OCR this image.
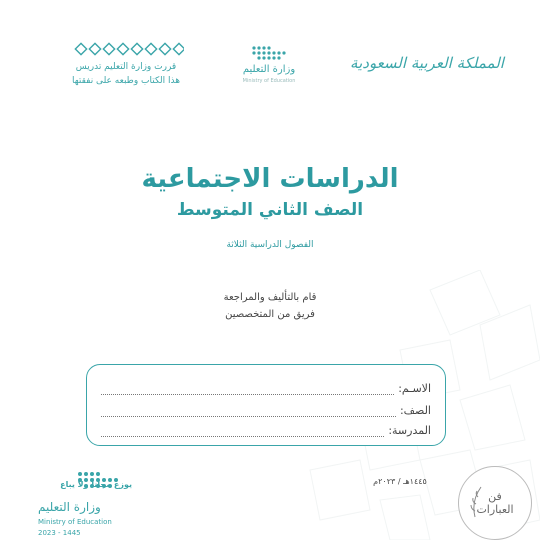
قررت وزارة التعليم تدريس
هذا الكتاب وطبعه على نفقتها
وزارة التعليم
Ministry of Education
المملكة العربية السعودية
الدراسات الاجتماعية
الصف الثاني المتوسط
الفصول الدراسية الثلاثة
قام بالتأليف والمراجعة
فريق من المتخصصين
الاسـم:
الصف:
المدرسة:
١٤٤٥هـ / ٢٠٢٣م
يوزع مجاناً ولا يباع
وزارة التعليم
Ministry of Education
2023 - 1445
فن
العبارات
